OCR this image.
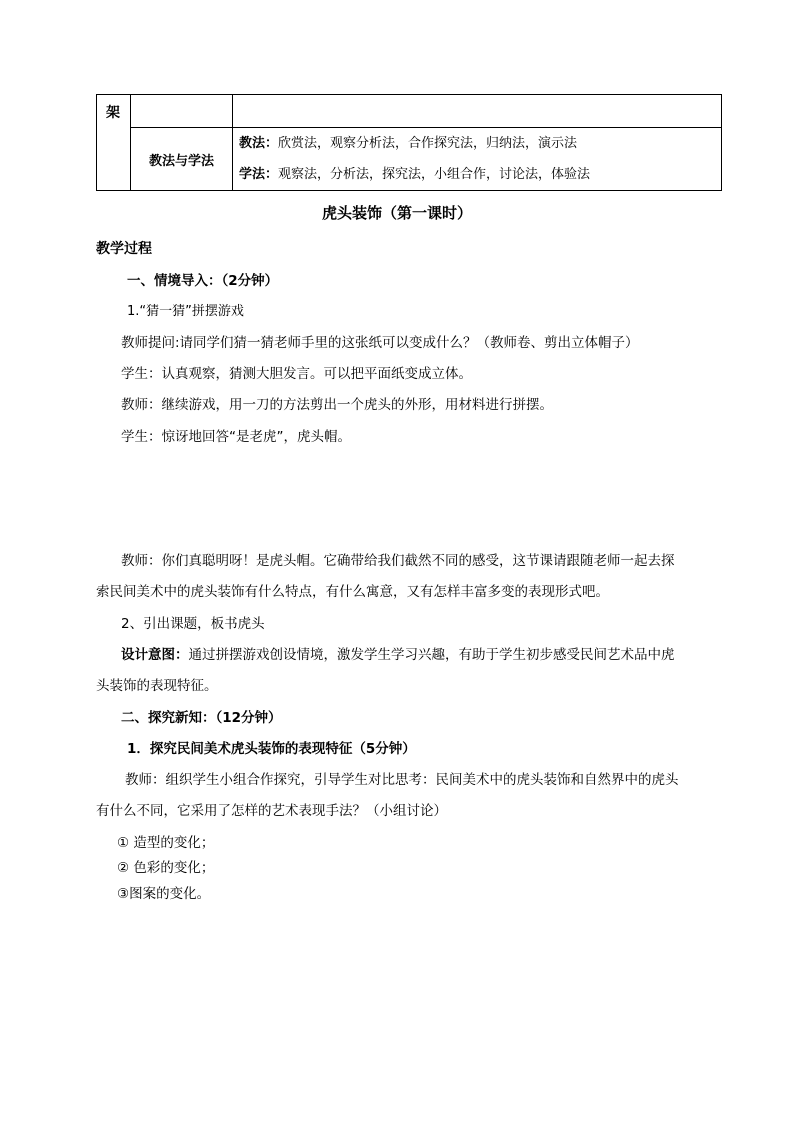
架		

	教法与学法	教法：欣赏法，观察分析法，合作探究法，归纳法，演示法
学法：观察法，分析法，探究法，小组合作，讨论法，体验法
虎头装饰（第一课时）
教学过程
一、情境导入：（2分钟）
1.“猜一猜”拼摆游戏
教师提问:请同学们猜一猜老师手里的这张纸可以变成什么？（教师卷、剪出立体帽子）
学生：认真观察，猜测大胆发言。可以把平面纸变成立体。
教师：继续游戏，用一刀的方法剪出一个虎头的外形，用材料进行拼摆。
学生：惊讶地回答“是老虎”，虎头帽。
教师：你们真聪明呀！是虎头帽。它确带给我们截然不同的感受，这节课请跟随老师一起去探
索民间美术中的虎头装饰有什么特点，有什么寓意，又有怎样丰富多变的表现形式吧。
2、引出课题，板书虎头
设计意图：通过拼摆游戏创设情境，激发学生学习兴趣，有助于学生初步感受民间艺术品中虎
头装饰的表现特征。
二、探究新知：（12分钟）
1．探究民间美术虎头装饰的表现特征（5分钟）
教师：组织学生小组合作探究，引导学生对比思考：民间美术中的虎头装饰和自然界中的虎头
有什么不同，它采用了怎样的艺术表现手法？（小组讨论）
① 造型的变化；
② 色彩的变化；
③图案的变化。
